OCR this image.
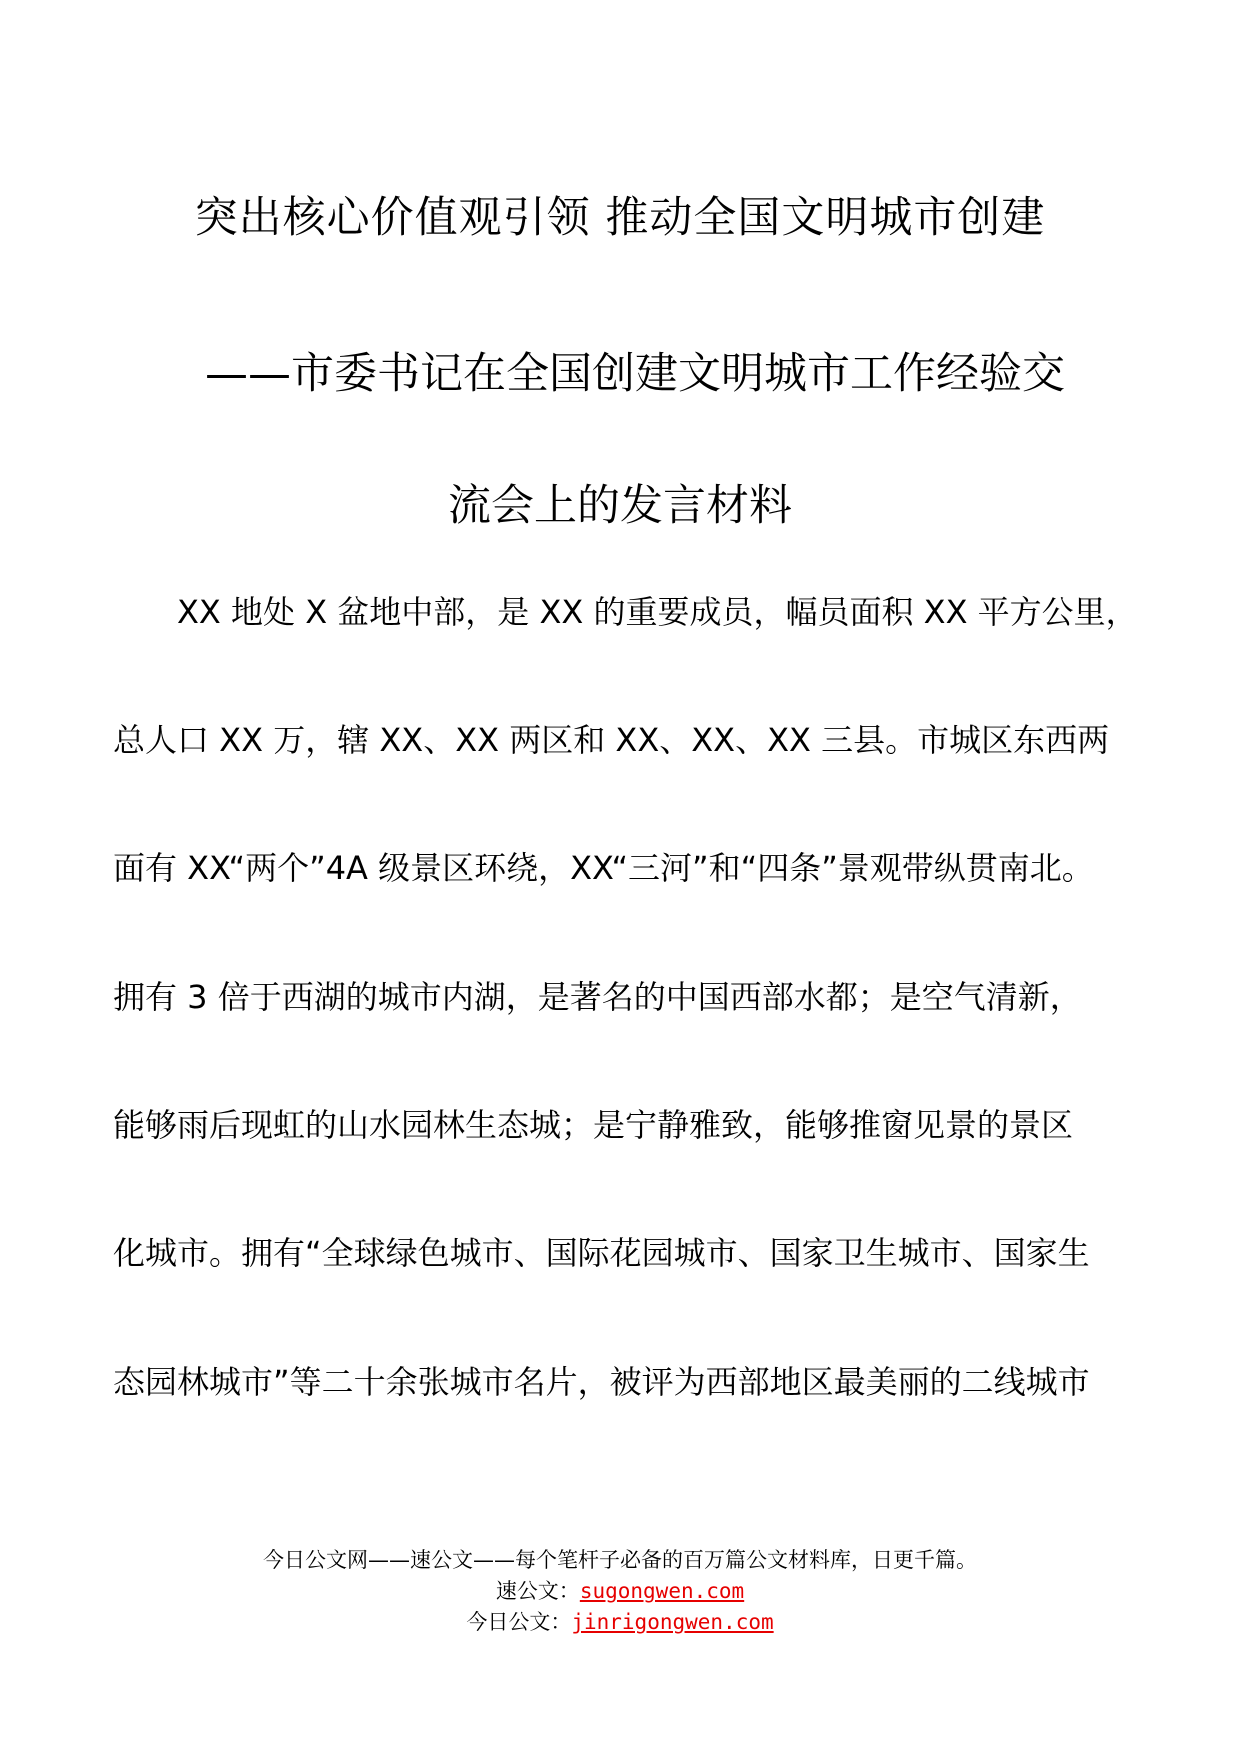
突出核心价值观引领 推动全国文明城市创建
——市委书记在全国创建文明城市工作经验交
流会上的发言材料
XX 地处 X 盆地中部，是 XX 的重要成员，幅员面积 XX 平方公里，
总人口 XX 万，辖 XX、XX 两区和 XX、XX、XX 三县。市城区东西两
面有 XX“两个”4A 级景区环绕，XX“三河”和“四条”景观带纵贯南北。
拥有 3 倍于西湖的城市内湖，是著名的中国西部水都；是空气清新，
能够雨后现虹的山水园林生态城；是宁静雅致，能够推窗见景的景区
化城市。拥有“全球绿色城市、国际花园城市、国家卫生城市、国家生
态园林城市”等二十余张城市名片，被评为西部地区最美丽的二线城市
今日公文网——速公文——每个笔杆子必备的百万篇公文材料库，日更千篇。
速公文：sugongwen.com
今日公文：jinrigongwen.com
